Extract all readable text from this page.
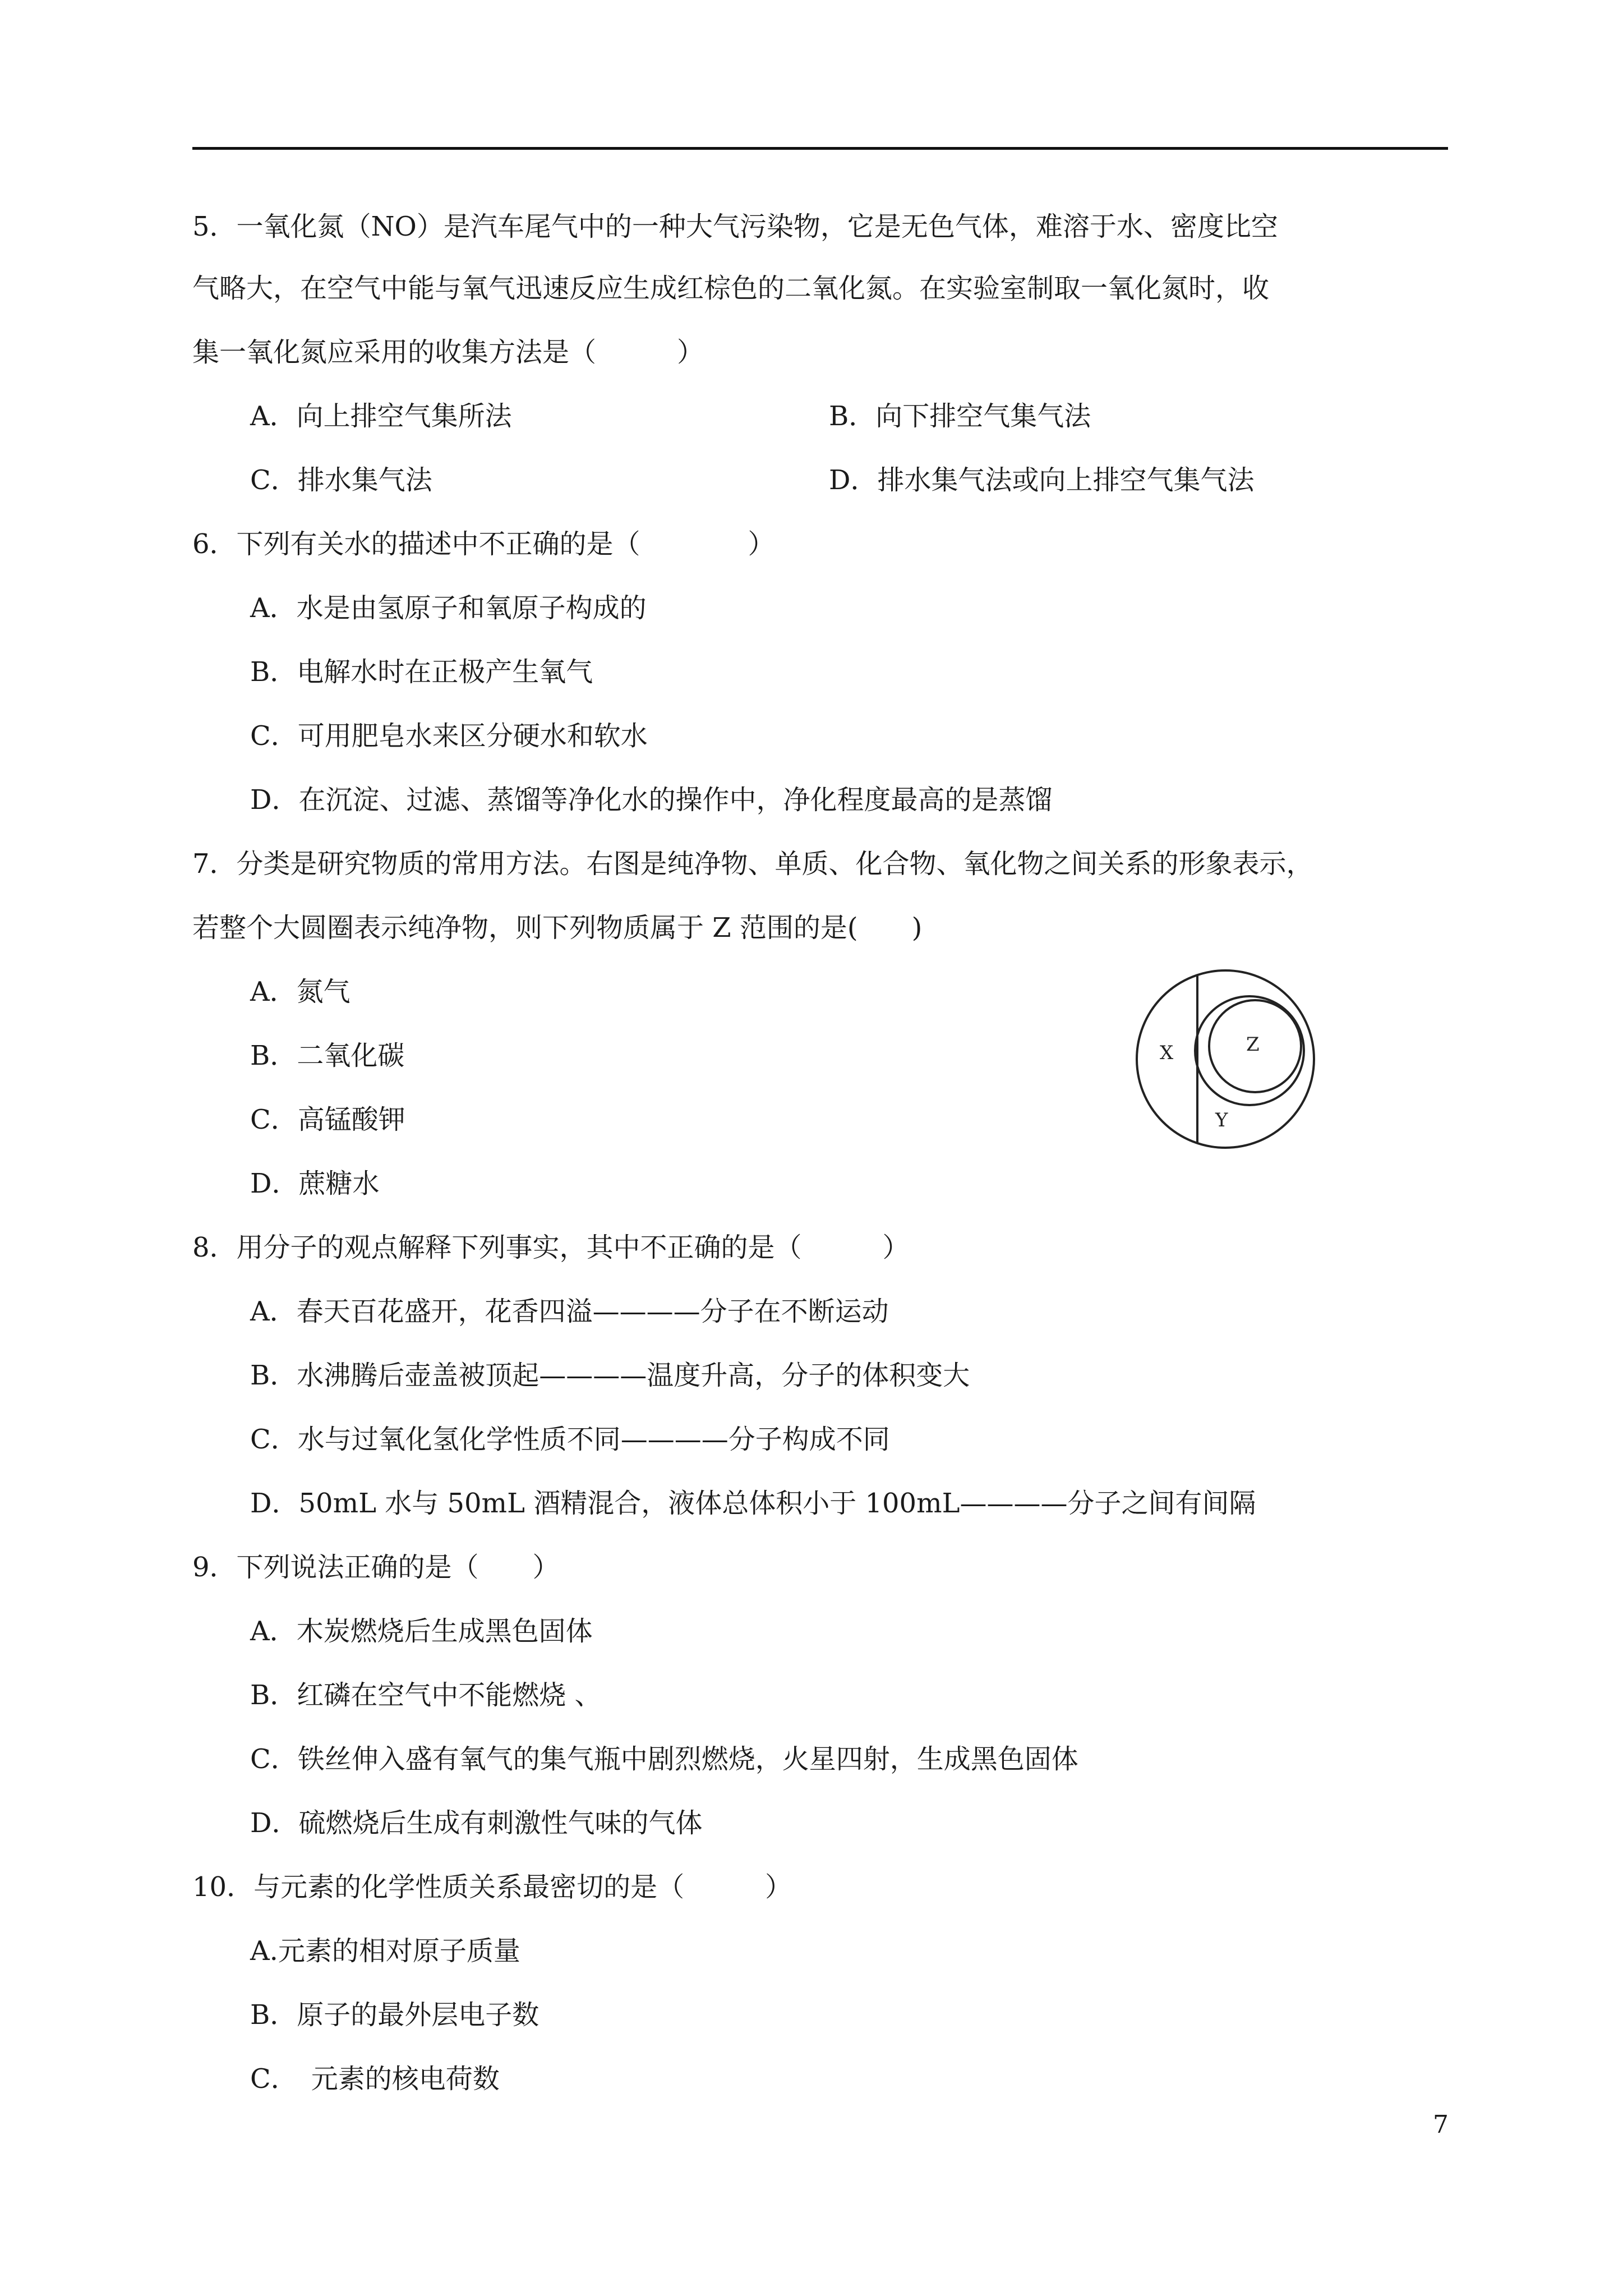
5．一氧化氮（NO）是汽车尾气中的一种大气污染物，它是无色气体，难溶于水、密度比空
气略大，在空气中能与氧气迅速反应生成红棕色的二氧化氮。在实验室制取一氧化氮时，收
集一氧化氮应采用的收集方法是（　　　）
A．向上排空气集所法	B．向下排空气集气法
C．排水集气法	D．排水集气法或向上排空气集气法
6．下列有关水的描述中不正确的是（　　　　）
A．水是由氢原子和氧原子构成的
B．电解水时在正极产生氧气
C．可用肥皂水来区分硬水和软水
D．在沉淀、过滤、蒸馏等净化水的操作中，净化程度最高的是蒸馏
7．分类是研究物质的常用方法。右图是纯净物、单质、化合物、氧化物之间关系的形象表示，
若整个大圆圈表示纯净物，则下列物质属于 Z 范围的是(　　)
A．氮气
B．二氧化碳
C．高锰酸钾
D．蔗糖水
X	Z
Y
8．用分子的观点解释下列事实，其中不正确的是（　　　）
A．春天百花盛开，花香四溢————分子在不断运动
B．水沸腾后壶盖被顶起————温度升高，分子的体积变大
C．水与过氧化氢化学性质不同————分子构成不同
D．50mL 水与 50mL 酒精混合，液体总体积小于 100mL————分子之间有间隔
9．下列说法正确的是（　　）
A．木炭燃烧后生成黑色固体
B．红磷在空气中不能燃烧 、
C．铁丝伸入盛有氧气的集气瓶中剧烈燃烧，火星四射，生成黑色固体
D．硫燃烧后生成有刺激性气味的气体
10．与元素的化学性质关系最密切的是（　　　）
A.元素的相对原子质量
B．原子的最外层电子数
C．　元素的核电荷数
7
